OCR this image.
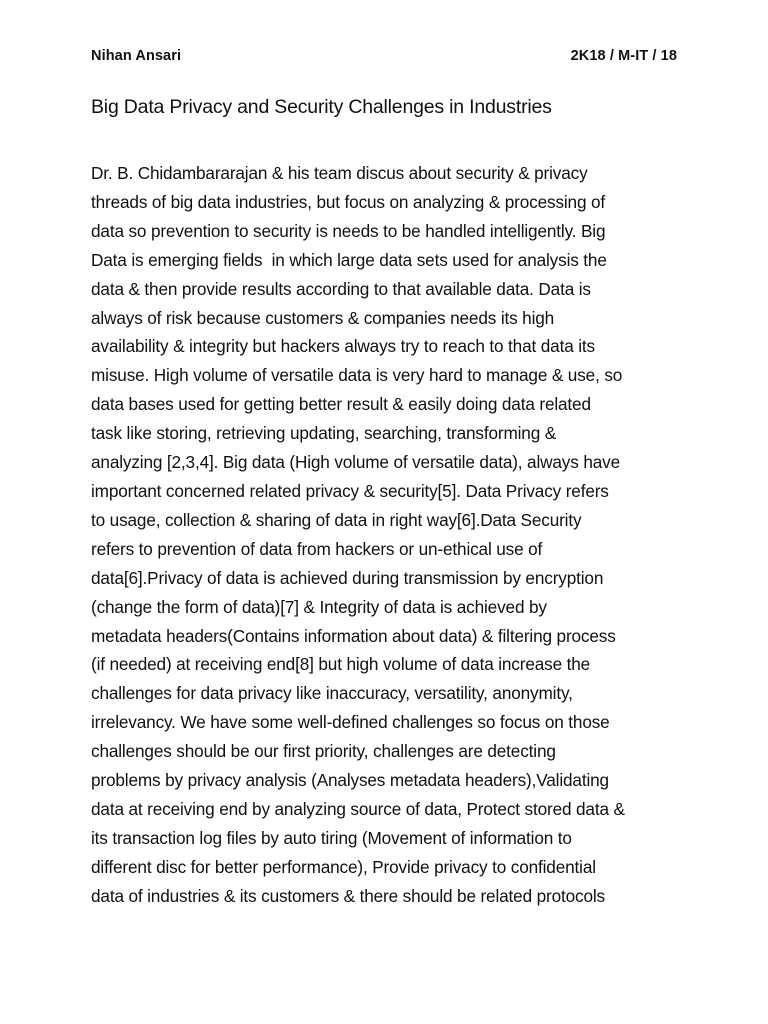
Nihan Ansari	2K18 / M-IT / 18
Big Data Privacy and Security Challenges in Industries
Dr. B. Chidambararajan & his team discus about security & privacy
threads of big data industries, but focus on analyzing & processing of
data so prevention to security is needs to be handled intelligently. Big
Data is emerging fields  in which large data sets used for analysis the
data & then provide results according to that available data. Data is
always of risk because customers & companies needs its high
availability & integrity but hackers always try to reach to that data its
misuse. High volume of versatile data is very hard to manage & use, so
data bases used for getting better result & easily doing data related
task like storing, retrieving updating, searching, transforming &
analyzing [2,3,4]. Big data (High volume of versatile data), always have
important concerned related privacy & security[5]. Data Privacy refers
to usage, collection & sharing of data in right way[6].Data Security
refers to prevention of data from hackers or un-ethical use of
data[6].Privacy of data is achieved during transmission by encryption
(change the form of data)[7] & Integrity of data is achieved by
metadata headers(Contains information about data) & filtering process
(if needed) at receiving end[8] but high volume of data increase the
challenges for data privacy like inaccuracy, versatility, anonymity,
irrelevancy. We have some well-defined challenges so focus on those
challenges should be our first priority, challenges are detecting
problems by privacy analysis (Analyses metadata headers),Validating
data at receiving end by analyzing source of data, Protect stored data &
its transaction log files by auto tiring (Movement of information to
different disc for better performance), Provide privacy to confidential
data of industries & its customers & there should be related protocols
